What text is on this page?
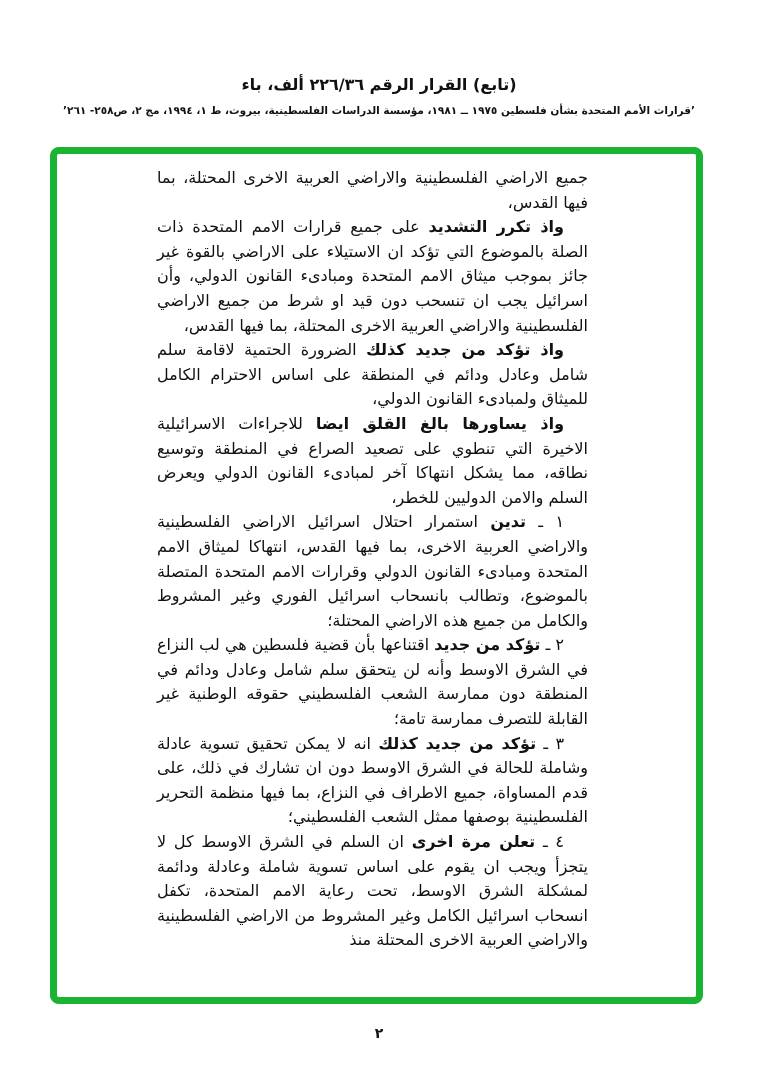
(تابع) القرار الرقم ٢٢٦/٣٦ ألف، باء
’قرارات الأمم المتحدة بشأن فلسطين ١٩٧٥ ــ ١٩٨١، مؤسسة الدراسات الفلسطينية، بيروت، ط ١، ١٩٩٤، مج ٢، ص٢٥٨- ٢٦١’

جميع الاراضي الفلسطينية والاراضي العربية الاخرى المحتلة، بما فيها القدس،

واذ تكرر التشديد على جميع قرارات الامم المتحدة ذات الصلة بالموضوع التي تؤكد ان الاستيلاء على الاراضي بالقوة غير جائز بموجب ميثاق الامم المتحدة ومبادىء القانون الدولي، وأن اسرائيل يجب ان تنسحب دون قيد او شرط من جميع الاراضي الفلسطينية والاراضي العربية الاخرى المحتلة، بما فيها القدس،

واذ تؤكد من جديد كذلك الضرورة الحتمية لاقامة سلم شامل وعادل ودائم في المنطقة على اساس الاحترام الكامل للميثاق ولمبادىء القانون الدولي،

واذ يساورها بالغ القلق ايضا للاجراءات الاسرائيلية الاخيرة التي تنطوي على تصعيد الصراع في المنطقة وتوسيع نطاقه، مما يشكل انتهاكا آخر لمبادىء القانون الدولي ويعرض السلم والامن الدوليين للخطر،

١ ـ تدين استمرار احتلال اسرائيل الاراضي الفلسطينية والاراضي العربية الاخرى، بما فيها القدس، انتهاكا لميثاق الامم المتحدة ومبادىء القانون الدولي وقرارات الامم المتحدة المتصلة بالموضوع، وتطالب بانسحاب اسرائيل الفوري وغير المشروط والكامل من جميع هذه الاراضي المحتلة؛

٢ ـ تؤكد من جديد اقتناعها بأن قضية فلسطين هي لب النزاع في الشرق الاوسط وأنه لن يتحقق سلم شامل وعادل ودائم في المنطقة دون ممارسة الشعب الفلسطيني حقوقه الوطنية غير القابلة للتصرف ممارسة تامة؛

٣ ـ تؤكد من جديد كذلك انه لا يمكن تحقيق تسوية عادلة وشاملة للحالة في الشرق الاوسط دون ان تشارك في ذلك، على قدم المساواة، جميع الاطراف في النزاع، بما فيها منظمة التحرير الفلسطينية بوصفها ممثل الشعب الفلسطيني؛

٤ ـ تعلن مرة اخرى ان السلم في الشرق الاوسط كل لا يتجزأ ويجب ان يقوم على اساس تسوية شاملة وعادلة ودائمة لمشكلة الشرق الاوسط، تحت رعاية الامم المتحدة، تكفل انسحاب اسرائيل الكامل وغير المشروط من الاراضي الفلسطينية والاراضي العربية الاخرى المحتلة منذ

٢
